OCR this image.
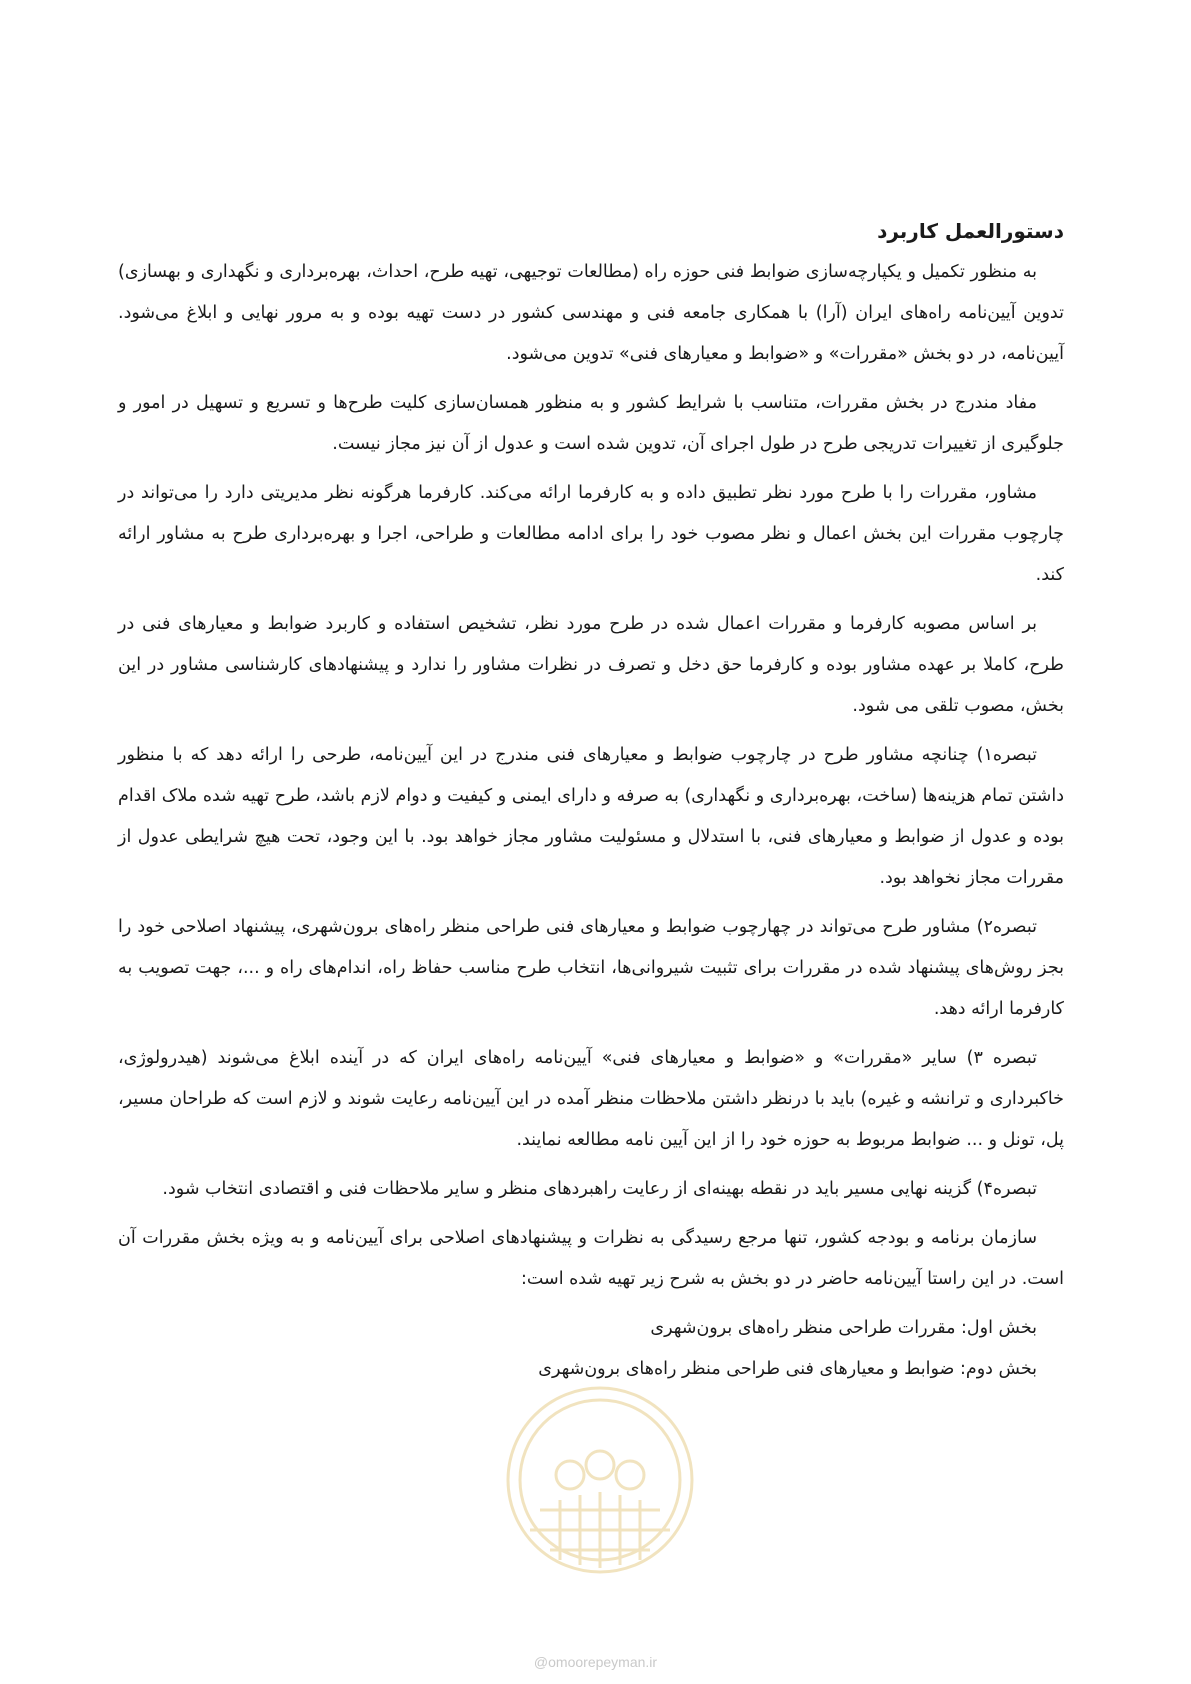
دستورالعمل کاربرد

به منظور تکمیل و یکپارچه‌سازی ضوابط فنی حوزه راه (مطالعات توجیهی، تهیه طرح، احداث، بهره‌برداری و نگهداری و بهسازی) تدوین آیین‌نامه راه‌های ایران (آرا) با همکاری جامعه فنی و مهندسی کشور در دست تهیه بوده و به مرور نهایی و ابلاغ می‌شود. آیین‌نامه، در دو بخش «مقررات» و «ضوابط و معیارهای فنی» تدوین می‌شود.

مفاد مندرج در بخش مقررات، متناسب با شرایط کشور و به منظور همسان‌سازی کلیت طرح‌ها و تسریع و تسهیل در امور و جلوگیری از تغییرات تدریجی طرح در طول اجرای آن، تدوین شده است و عدول از آن نیز مجاز نیست.

مشاور، مقررات را با طرح مورد نظر تطبیق داده و به کارفرما ارائه می‌کند. کارفرما هرگونه نظر مدیریتی دارد را می‌تواند در چارچوب مقررات این بخش اعمال و نظر مصوب خود را برای ادامه مطالعات و طراحی، اجرا و بهره‌برداری طرح به مشاور ارائه کند.

بر اساس مصوبه کارفرما و مقررات اعمال شده در طرح مورد نظر، تشخیص استفاده و کاربرد ضوابط و معیارهای فنی در طرح، کاملا بر عهده مشاور بوده و کارفرما حق دخل و تصرف در نظرات مشاور را ندارد و پیشنهادهای کارشناسی مشاور در این بخش، مصوب تلقی می شود.

تبصره۱) چنانچه مشاور طرح در چارچوب ضوابط و معیارهای فنی مندرج در این آیین‌نامه، طرحی را ارائه دهد که با منظور داشتن تمام هزینه‌ها (ساخت، بهره‌برداری و نگهداری) به صرفه و دارای ایمنی و کیفیت و دوام لازم باشد، طرح تهیه شده ملاک اقدام بوده و عدول از ضوابط و معیارهای فنی، با استدلال و مسئولیت مشاور مجاز خواهد بود. با این وجود، تحت هیچ شرایطی عدول از مقررات مجاز نخواهد بود.

تبصره۲) مشاور طرح می‌تواند در چهارچوب ضوابط و معیارهای فنی طراحی منظر راه‌های برون‌شهری، پیشنهاد اصلاحی خود را بجز روش‌های پیشنهاد شده در مقررات برای تثبیت شیروانی‌ها، انتخاب طرح مناسب حفاظ راه، اندام‌های راه و ...، جهت تصویب به کارفرما ارائه دهد.

تبصره ۳) سایر «مقررات» و «ضوابط و معیارهای فنی» آیین‌نامه راه‌های ایران که در آینده ابلاغ می‌شوند (هیدرولوژی، خاکبرداری و ترانشه و غیره) باید با درنظر داشتن ملاحظات منظر آمده در این آیین‌نامه رعایت شوند و لازم است که طراحان مسیر، پل، تونل و ... ضوابط مربوط به حوزه خود را از این آیین نامه مطالعه نمایند.

تبصره۴) گزینه نهایی مسیر باید در نقطه بهینه‌ای از رعایت راهبردهای منظر و سایر ملاحظات فنی و اقتصادی انتخاب شود.

سازمان برنامه و بودجه کشور، تنها مرجع رسیدگی به نظرات و پیشنهادهای اصلاحی برای آیین‌نامه و به ویژه بخش مقررات آن است. در این راستا آیین‌نامه حاضر در دو بخش به شرح زیر تهیه شده است:

بخش اول: مقررات طراحی منظر راه‌های برون‌شهری

بخش دوم: ضوابط و معیارهای فنی طراحی منظر راه‌های برون‌شهری

@omoorepeyman.ir
